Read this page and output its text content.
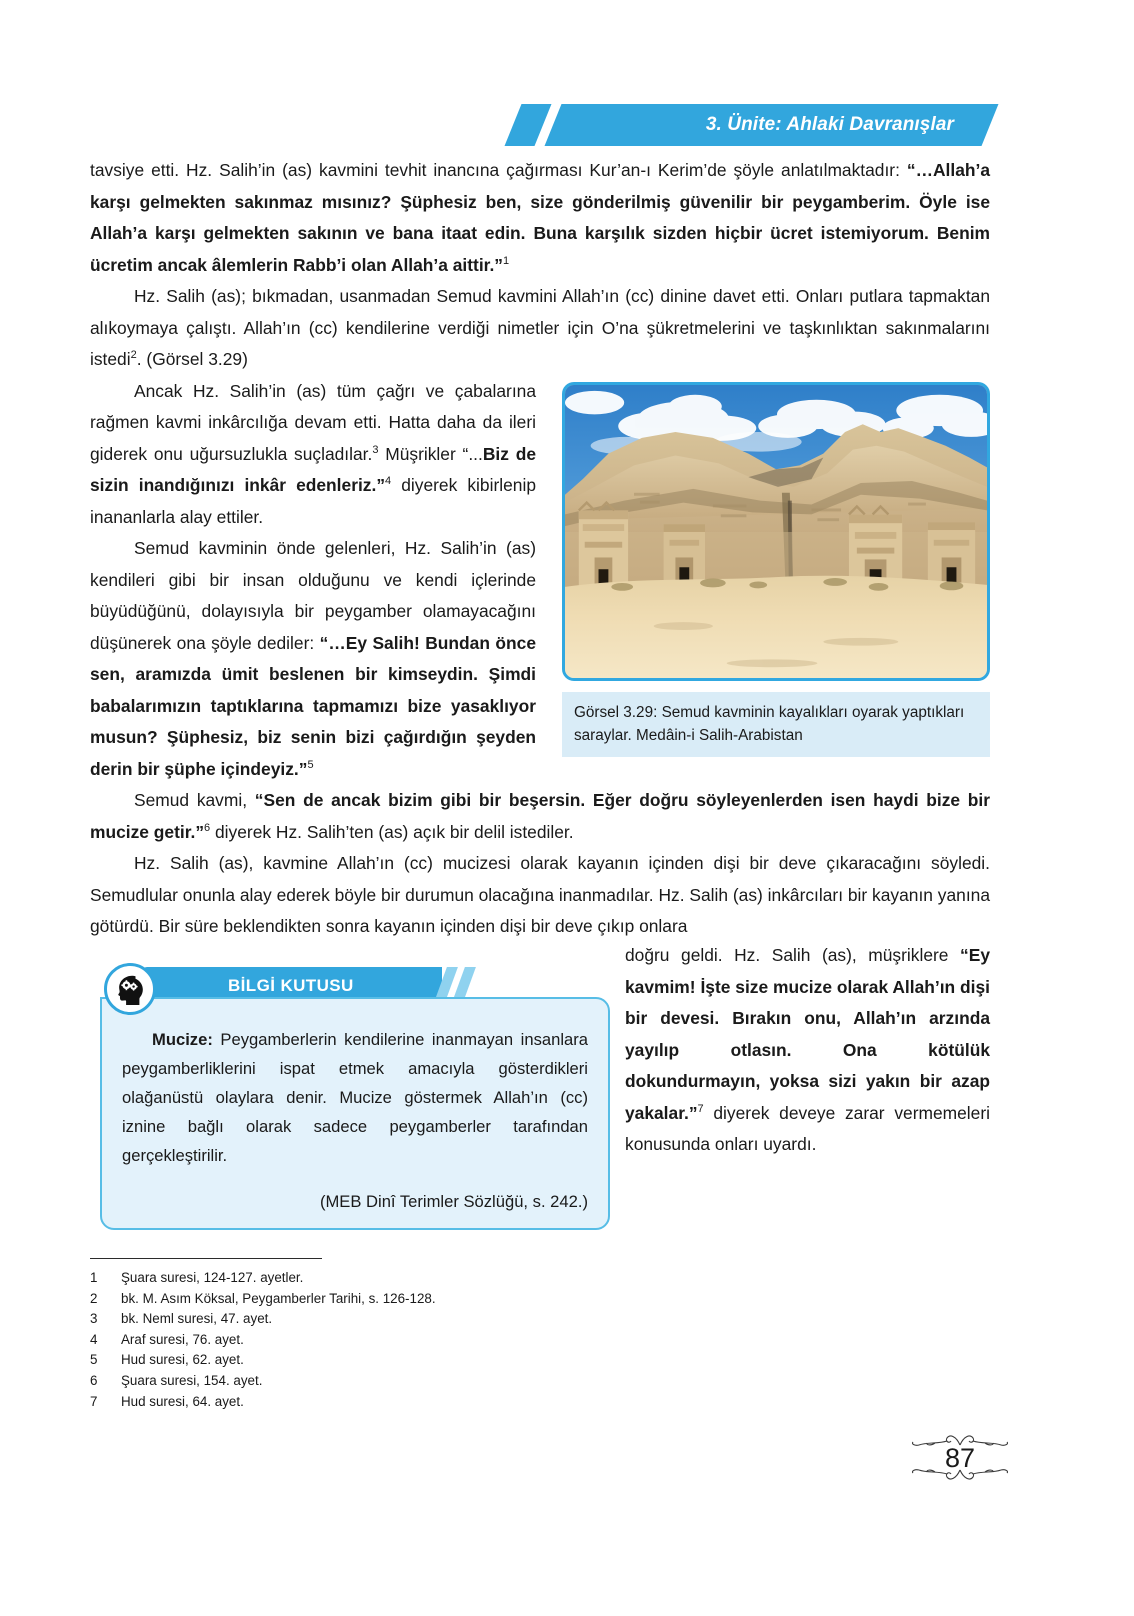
3. Ünite: Ahlaki Davranışlar

tavsiye etti. Hz. Salih’in (as) kavmini tevhit inancına çağırması Kur’an-ı Kerim’de şöyle anlatılmaktadır: “…Allah’a karşı gelmekten sakınmaz mısınız? Şüphesiz ben, size gönderilmiş güvenilir bir peygamberim. Öyle ise Allah’a karşı gelmekten sakının ve bana itaat edin. Buna karşılık sizden hiçbir ücret istemiyorum. Benim ücretim ancak âlemlerin Rabb’i olan Allah’a aittir.”$^1$

Hz. Salih (as); bıkmadan, usanmadan Semud kavmini Allah’ın (cc) dinine davet etti. Onları putlara tapmaktan alıkoymaya çalıştı. Allah’ın (cc) kendilerine verdiği nimetler için O’na şükretmelerini ve taşkınlıktan sakınmalarını istedi$^2$. (Görsel 3.29)

Görsel 3.29: Semud kavminin kayalıkları oyarak yaptıkları saraylar. Medâin-i Salih-Arabistan

Ancak Hz. Salih’in (as) tüm çağrı ve çabalarına rağmen kavmi inkârcılığa devam etti. Hatta daha da ileri giderek onu uğursuzlukla suçladılar.$^3$ Müşrikler “...Biz de sizin inandığınızı inkâr edenleriz.”$^4$ diyerek kibirlenip inananlarla alay ettiler.

Semud kavminin önde gelenleri, Hz. Salih’in (as) kendileri gibi bir insan olduğunu ve kendi içlerinde büyüdüğünü, dolayısıyla bir peygamber olamayacağını düşünerek ona şöyle dediler: “…Ey Salih! Bundan önce sen, aramızda ümit beslenen bir kimseydin. Şimdi babalarımızın taptıklarına tapmamızı bize yasaklıyor musun? Şüphesiz, biz senin bizi çağırdığın şeyden derin bir şüphe içindeyiz.”$^5$

Semud kavmi, “Sen de ancak bizim gibi bir beşersin. Eğer doğru söyleyenlerden isen haydi bize bir mucize getir.”$^6$ diyerek Hz. Salih’ten (as) açık bir delil istediler.

Hz. Salih (as), kavmine Allah’ın (cc) mucizesi olarak kayanın içinden dişi bir deve çıkaracağını söyledi. Semudlular onunla alay ederek böyle bir durumun olacağına inanmadılar. Hz. Salih (as) inkârcıları bir kayanın yanına götürdü. Bir süre beklendikten sonra kayanın içinden dişi bir deve çıkıp onlara

doğru geldi. Hz. Salih (as), müşriklere “Ey kavmim! İşte size mucize olarak Allah’ın dişi bir devesi. Bırakın onu, Allah’ın arzında yayılıp otlasın. Ona kötülük dokundurmayın, yoksa sizi yakın bir azap yakalar.”$^7$ diyerek deveye zarar vermemeleri konusunda onları uyardı.

BİLGİ KUTUSU

Mucize: Peygamberlerin kendilerine inanmayan insanlara peygamberliklerini ispat etmek amacıyla gösterdikleri olağanüstü olaylara denir. Mucize göstermek Allah’ın (cc) iznine bağlı olarak sadece peygamberler tarafından gerçekleştirilir.

(MEB Dinî Terimler Sözlüğü, s. 242.)
1	Şuara suresi, 124-127. ayetler.
2	bk. M. Asım Köksal, Peygamberler Tarihi, s. 126-128.
3	bk. Neml suresi, 47. ayet.
4	Araf suresi, 76. ayet.
5	Hud suresi, 62. ayet.
6	Şuara suresi, 154. ayet.
7	Hud suresi, 64. ayet.
87
